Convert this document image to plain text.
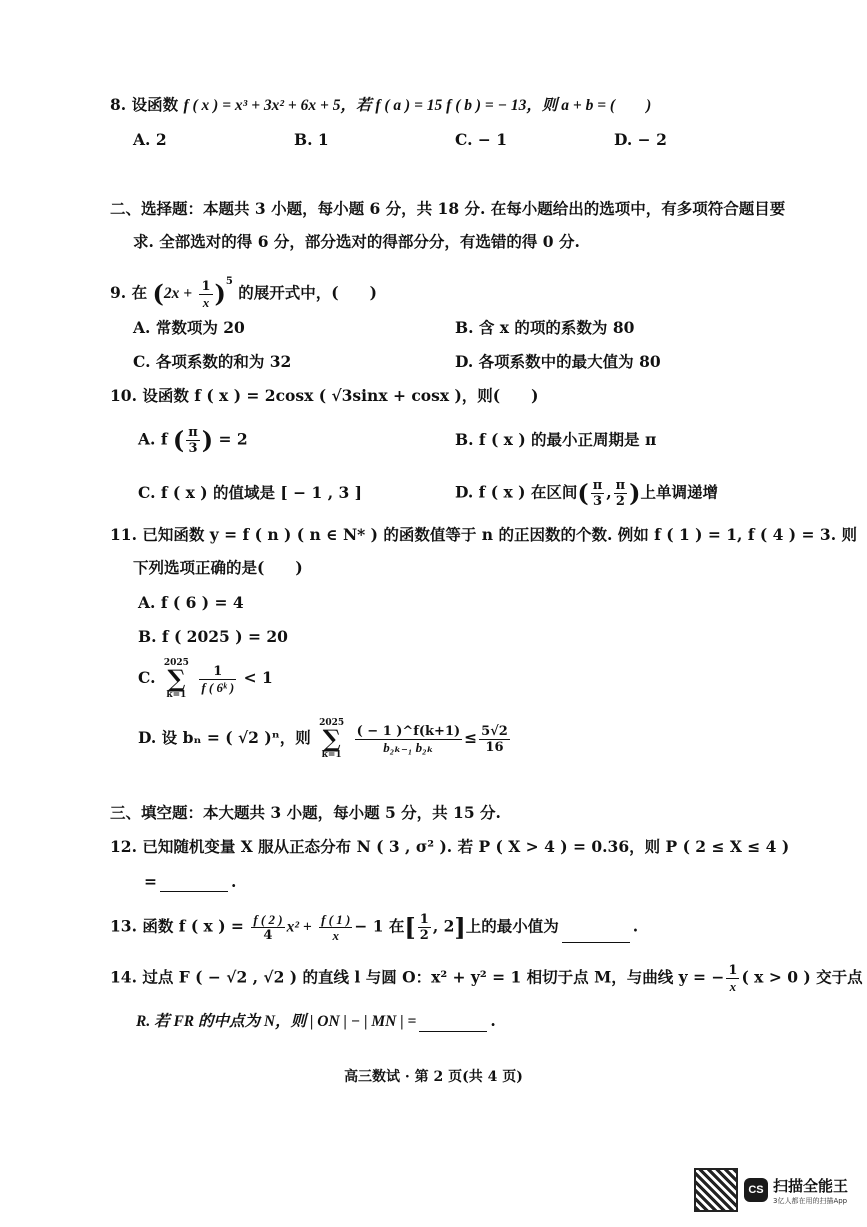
8. 设函数 f ( x ) = x³ + 3x² + 6x + 5，若 f ( a ) = 15 f ( b ) = − 13，则 a + b = (　　)
A. 2	B. 1	C. − 1	D. − 2
二、选择题：本题共 3 小题，每小题 6 分，共 18 分. 在每小题给出的选项中，有多项符合题目要
求. 全部选对的得 6 分，部分选对的得部分分，有选错的得 0 分.
9. 在 $(2x + \frac{1}{x} )^5$ 的展开式中，(　　)
A. 常数项为 20	B. 含 x 的项的系数为 80
C. 各项系数的和为 32	D. 各项系数中的最大值为 80
10. 设函数 f ( x ) = 2cosx ( √3sinx + cosx )，则(　　)
A. f ( $\frac{\pi}{3}$ ) = 2	B. f ( x ) 的最小正周期是 π
C. f ( x ) 的值域是 [ − 1 , 3 ]	D. f ( x ) 在区间( $\frac{\pi}{3}$ , $\frac{\pi}{2}$ )上单调递增
11. 已知函数 y = f ( n ) ( n ∈ N* ) 的函数值等于 n 的正因数的个数. 例如 f ( 1 ) = 1, f ( 4 ) = 3. 则
下列选项正确的是(　　)
A. f ( 6 ) = 4
B. f ( 2025 ) = 20
C. 2025
∑
k=1
$\frac{1}{\text{f ( 6ᵏ )}} < 1$
D. 设 bₙ = ( √2 )ⁿ，则 2025
∑
k=1
$\frac{( - 1 )\^{}f(k+1)}{\text{b₂ₖ₋₁ b₂ₖ}} \le \frac{5√2}{16}$
三、填空题：本大题共 3 小题，每小题 5 分，共 15 分.
12. 已知随机变量 X 服从正态分布 N ( 3 , σ² ). 若 P ( X > 4 ) = 0.36，则 P ( 2 ≤ X ≤ 4 )
=	.
13. 函数 f ( x ) = $\frac{f ( 2 )}{4} x^2 + \frac{f ( 1 )}{x} - 1$ 在[ $\frac{1}{2}$ , 2]上的最小值为	.
14. 过点 F ( − √2 , √2 ) 的直线 l 与圆 O：x² + y² = 1 相切于点 M，与曲线 y = − $\frac{1}{x}$ ( x > 0 ) 交于点
R. 若 FR 的中点为 N，则 | ON | − | MN | =	.
高三数试 · 第 2 页(共 4 页)
CS 扫描全能王
3亿人都在用的扫描App
